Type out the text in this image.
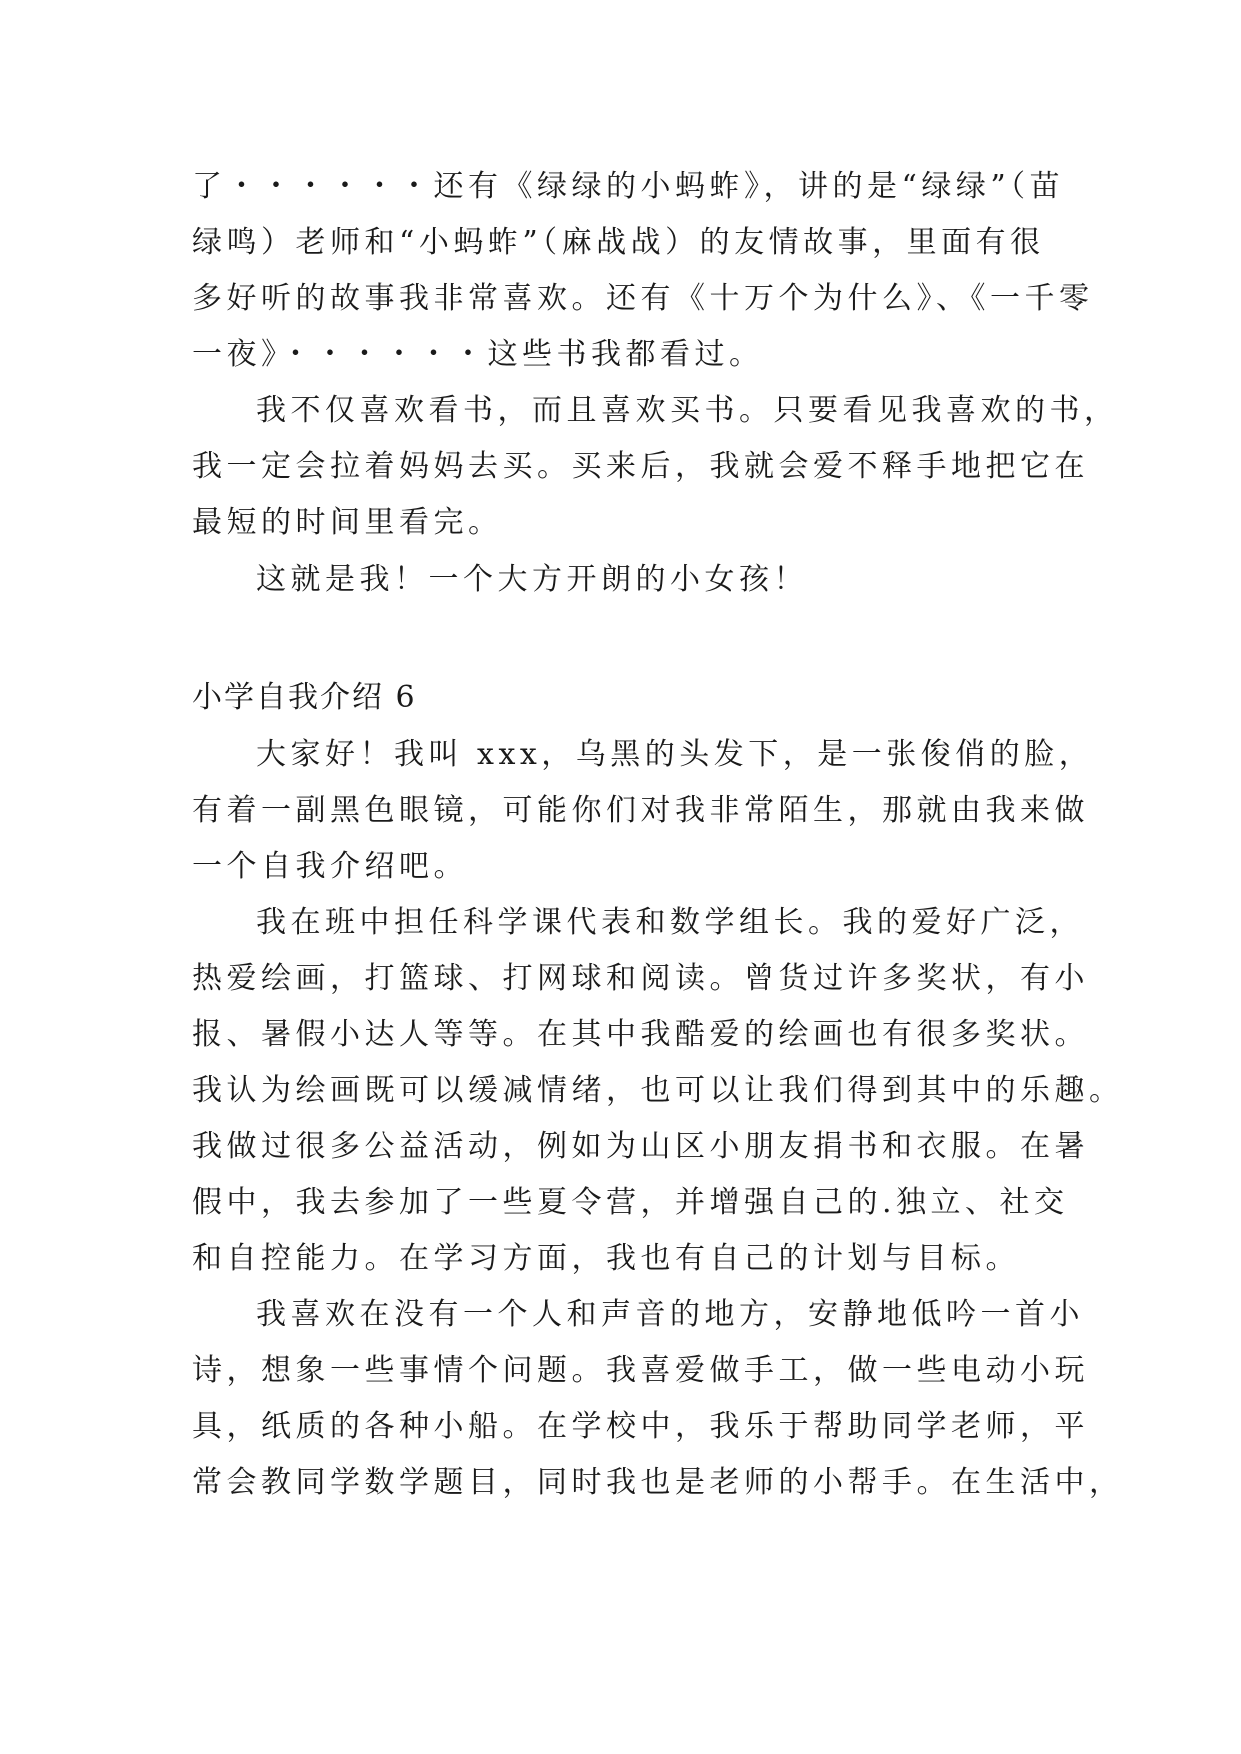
了・・・・・・还有《绿绿的小蚂蚱》，讲的是“绿绿”（苗
绿鸣）老师和“小蚂蚱”（麻战战）的友情故事，里面有很
多好听的故事我非常喜欢。还有《十万个为什么》、《一千零
一夜》・・・・・・这些书我都看过。
我不仅喜欢看书，而且喜欢买书。只要看见我喜欢的书，
我一定会拉着妈妈去买。买来后，我就会爱不释手地把它在
最短的时间里看完。
这就是我！一个大方开朗的小女孩！
小学自我介绍 6
大家好！我叫 xxx，乌黑的头发下，是一张俊俏的脸，
有着一副黑色眼镜，可能你们对我非常陌生，那就由我来做
一个自我介绍吧。
我在班中担任科学课代表和数学组长。我的爱好广泛，
热爱绘画，打篮球、打网球和阅读。曾货过许多奖状，有小
报、暑假小达人等等。在其中我酷爱的绘画也有很多奖状。
我认为绘画既可以缓减情绪，也可以让我们得到其中的乐趣。
我做过很多公益活动，例如为山区小朋友捐书和衣服。在暑
假中，我去参加了一些夏令营，并增强自己的.独立、社交
和自控能力。在学习方面，我也有自己的计划与目标。
我喜欢在没有一个人和声音的地方，安静地低吟一首小
诗，想象一些事情个问题。我喜爱做手工，做一些电动小玩
具，纸质的各种小船。在学校中，我乐于帮助同学老师，平
常会教同学数学题目，同时我也是老师的小帮手。在生活中，
